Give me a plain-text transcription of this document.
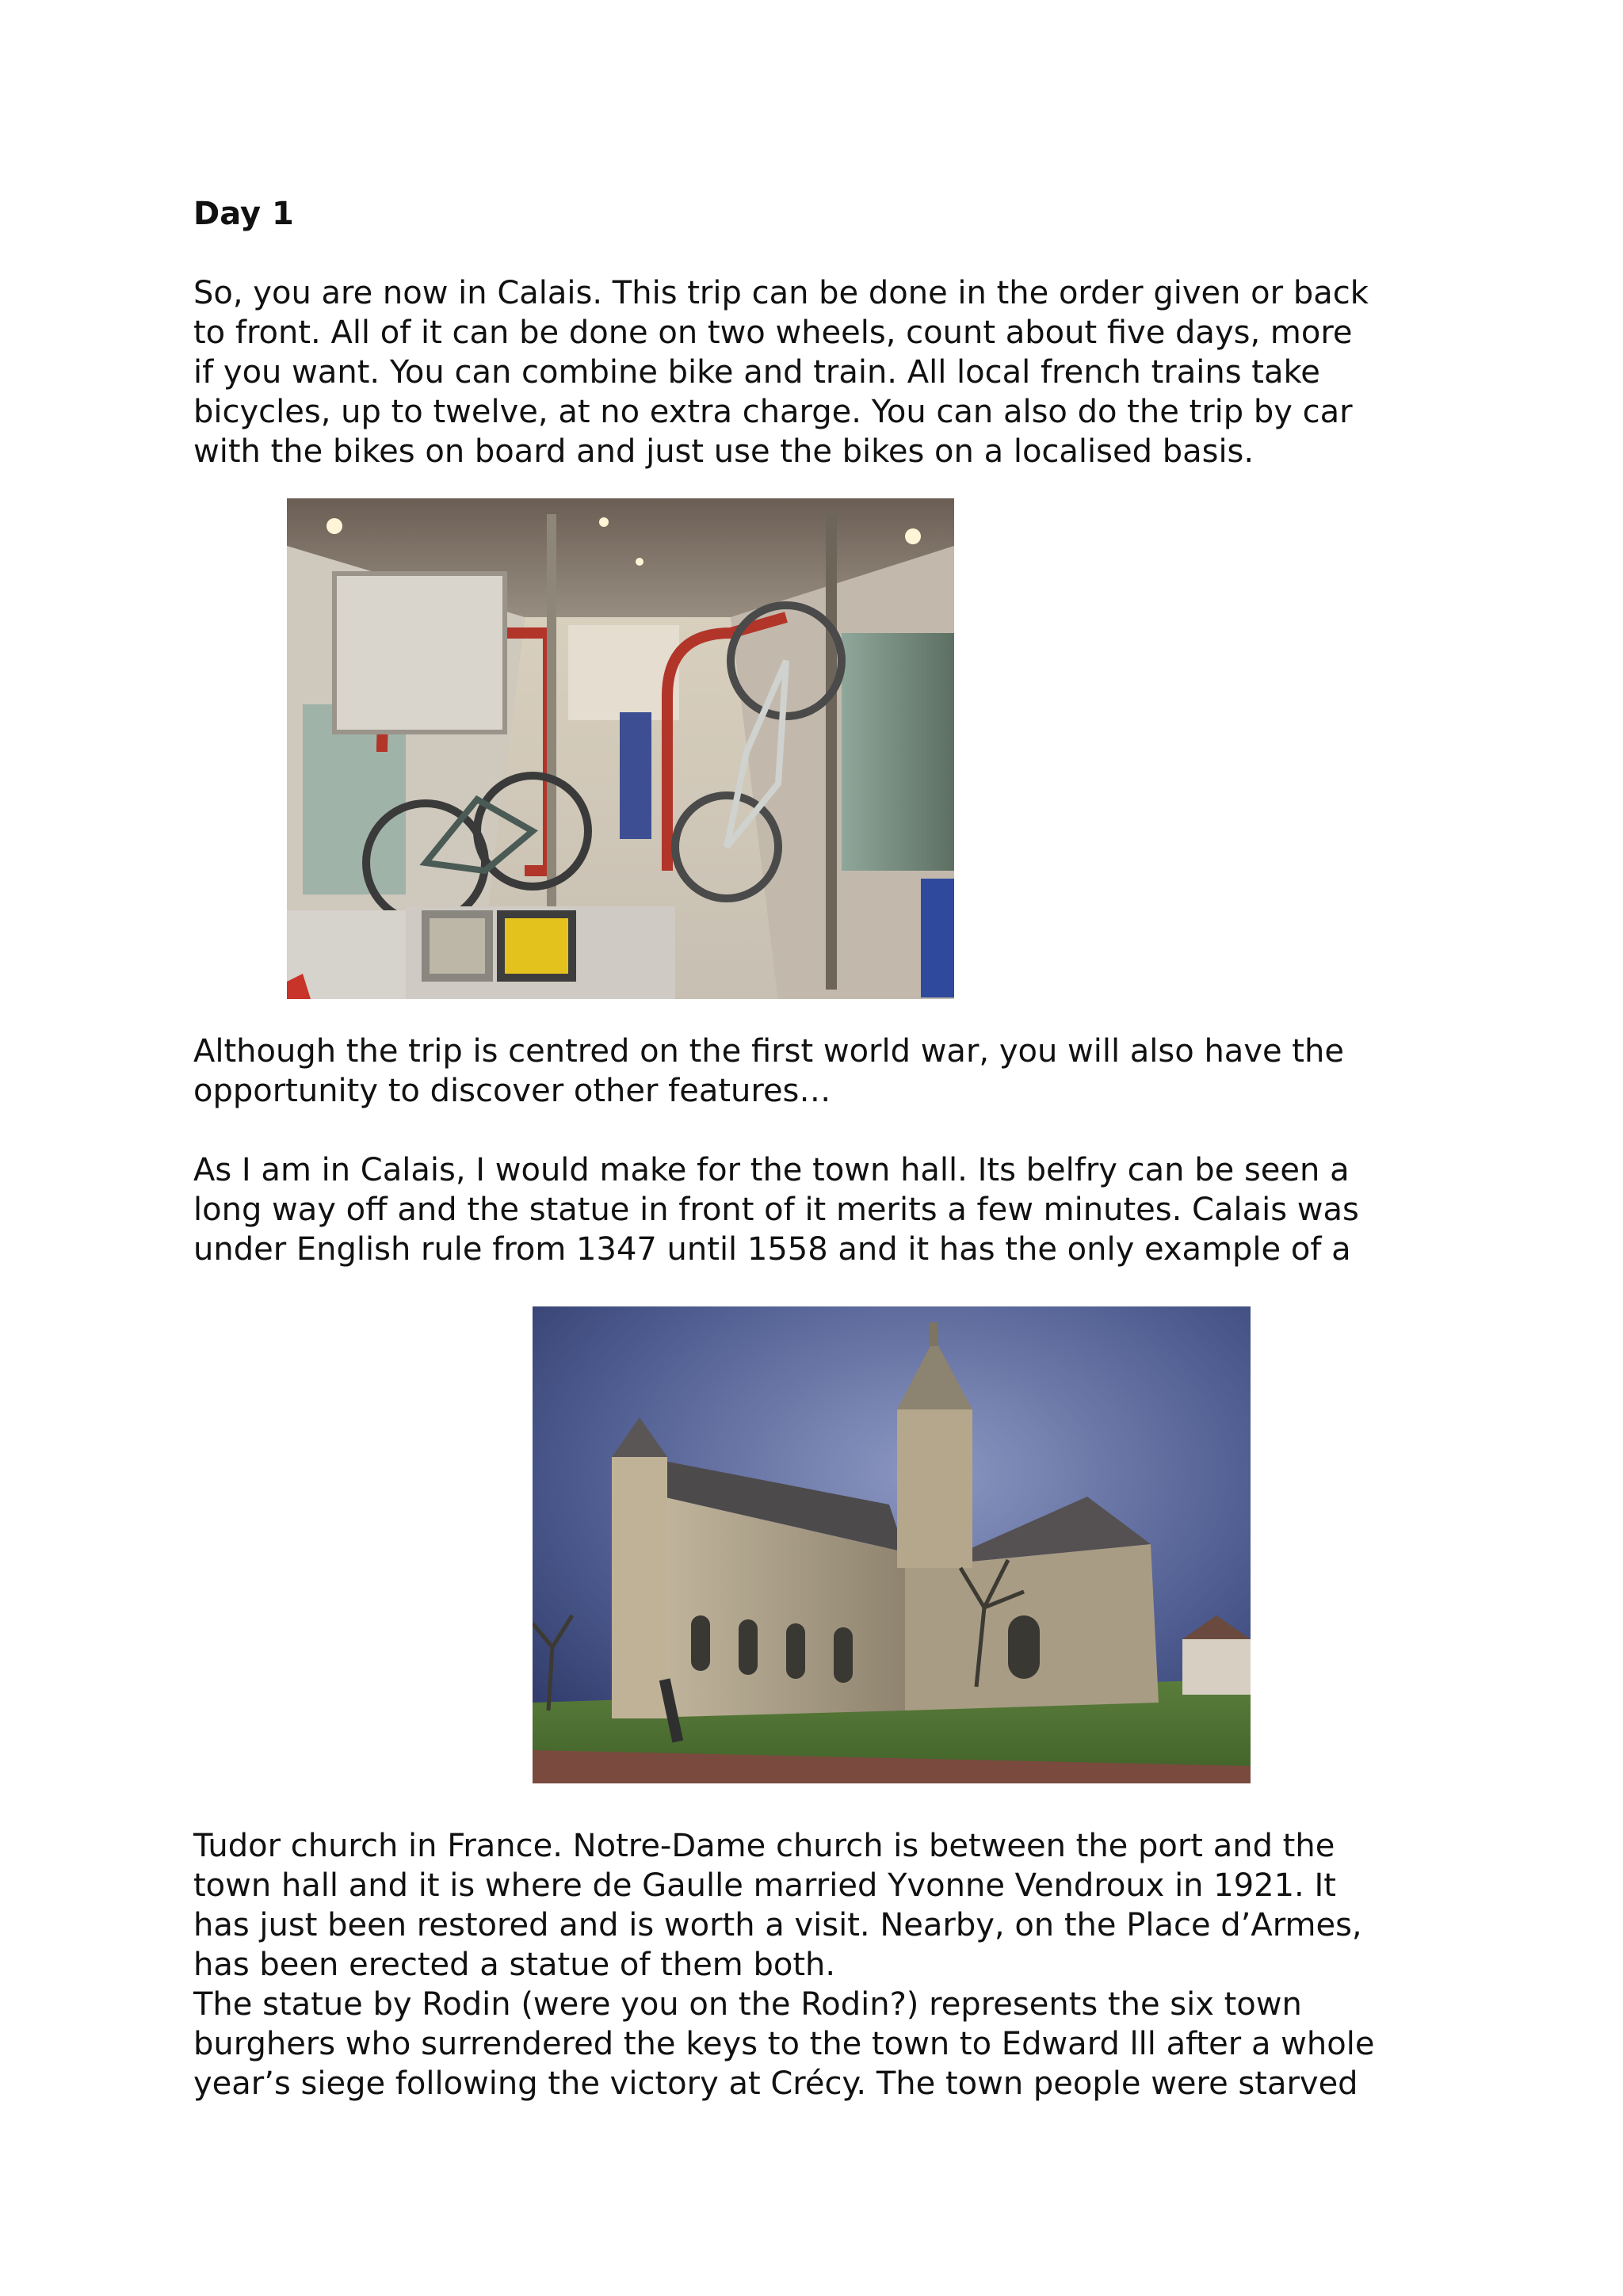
Day 1

So, you are now in Calais. This trip can be done in the order given or back
to front. All of it can be done on two wheels, count about five days, more
if you want. You can combine bike and train. All local french trains take
bicycles, up to twelve, at no extra charge. You can also do the trip by car
with the bikes on board and just use the bikes on a localised basis.

Although the trip is centred on the first world war, you will also have the
opportunity to discover other features…

As I am in Calais, I would make for the town hall. Its belfry can be seen a
long way off and the statue in front of it merits a few minutes. Calais was
under English rule from 1347 until 1558 and it has the only example of a

Tudor church in France. Notre-Dame church is between the port and the
town hall and it is where de Gaulle married Yvonne Vendroux in 1921. It
has just been restored and is worth a visit. Nearby, on the Place d’Armes,
has been erected a statue of them both.
The statue by Rodin (were you on the Rodin?) represents the six town
burghers who surrendered the keys to the town to Edward lll after a whole
year’s siege following the victory at Crécy. The town people were starved
